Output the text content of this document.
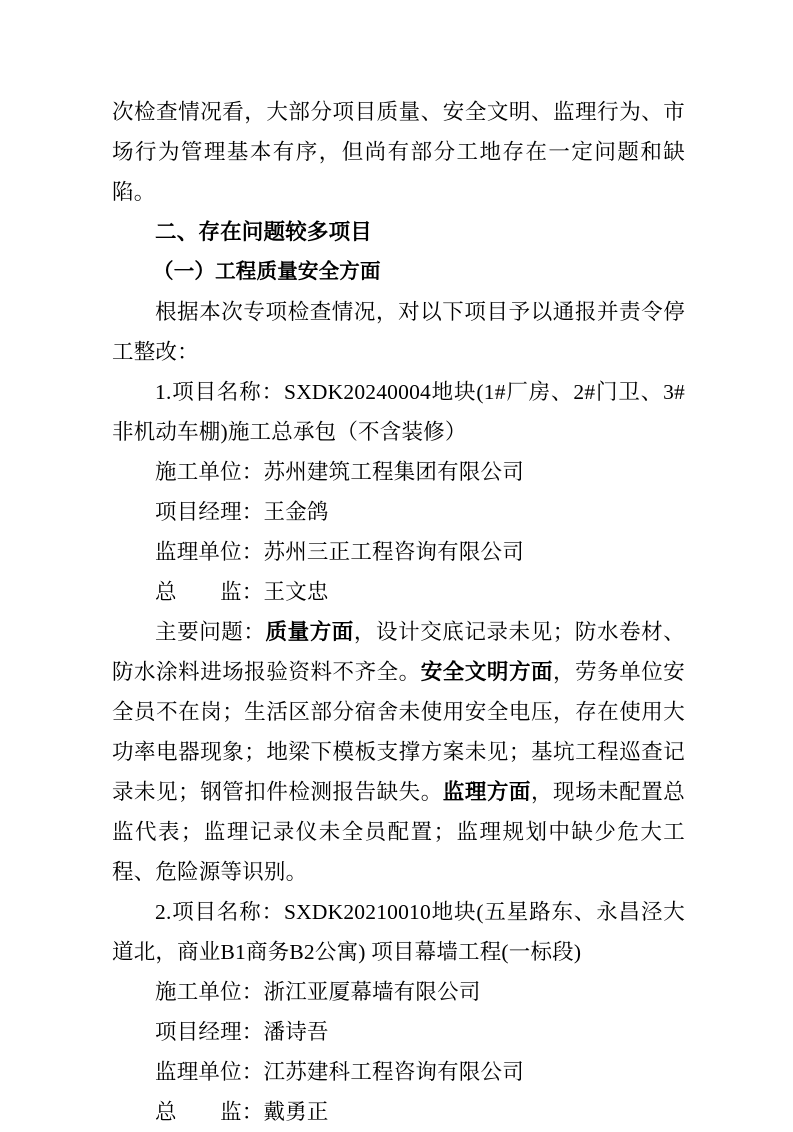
次检查情况看，大部分项目质量、安全文明、监理行为、市场行为管理基本有序，但尚有部分工地存在一定问题和缺陷。

二、存在问题较多项目

（一）工程质量安全方面

根据本次专项检查情况，对以下项目予以通报并责令停工整改：

1.项目名称：SXDK20240004地块(1#厂房、2#门卫、3#非机动车棚)施工总承包（不含装修）

施工单位：苏州建筑工程集团有限公司

项目经理：王金鸽

监理单位：苏州三正工程咨询有限公司

总　　监：王文忠

主要问题：质量方面，设计交底记录未见；防水卷材、防水涂料进场报验资料不齐全。安全文明方面，劳务单位安全员不在岗；生活区部分宿舍未使用安全电压，存在使用大功率电器现象；地梁下模板支撑方案未见；基坑工程巡查记录未见；钢管扣件检测报告缺失。监理方面，现场未配置总监代表；监理记录仪未全员配置；监理规划中缺少危大工程、危险源等识别。

2.项目名称：SXDK20210010地块(五星路东、永昌泾大道北，商业B1商务B2公寓) 项目幕墙工程(一标段)

施工单位：浙江亚厦幕墙有限公司

项目经理：潘诗吾

监理单位：江苏建科工程咨询有限公司

总　　监：戴勇正
